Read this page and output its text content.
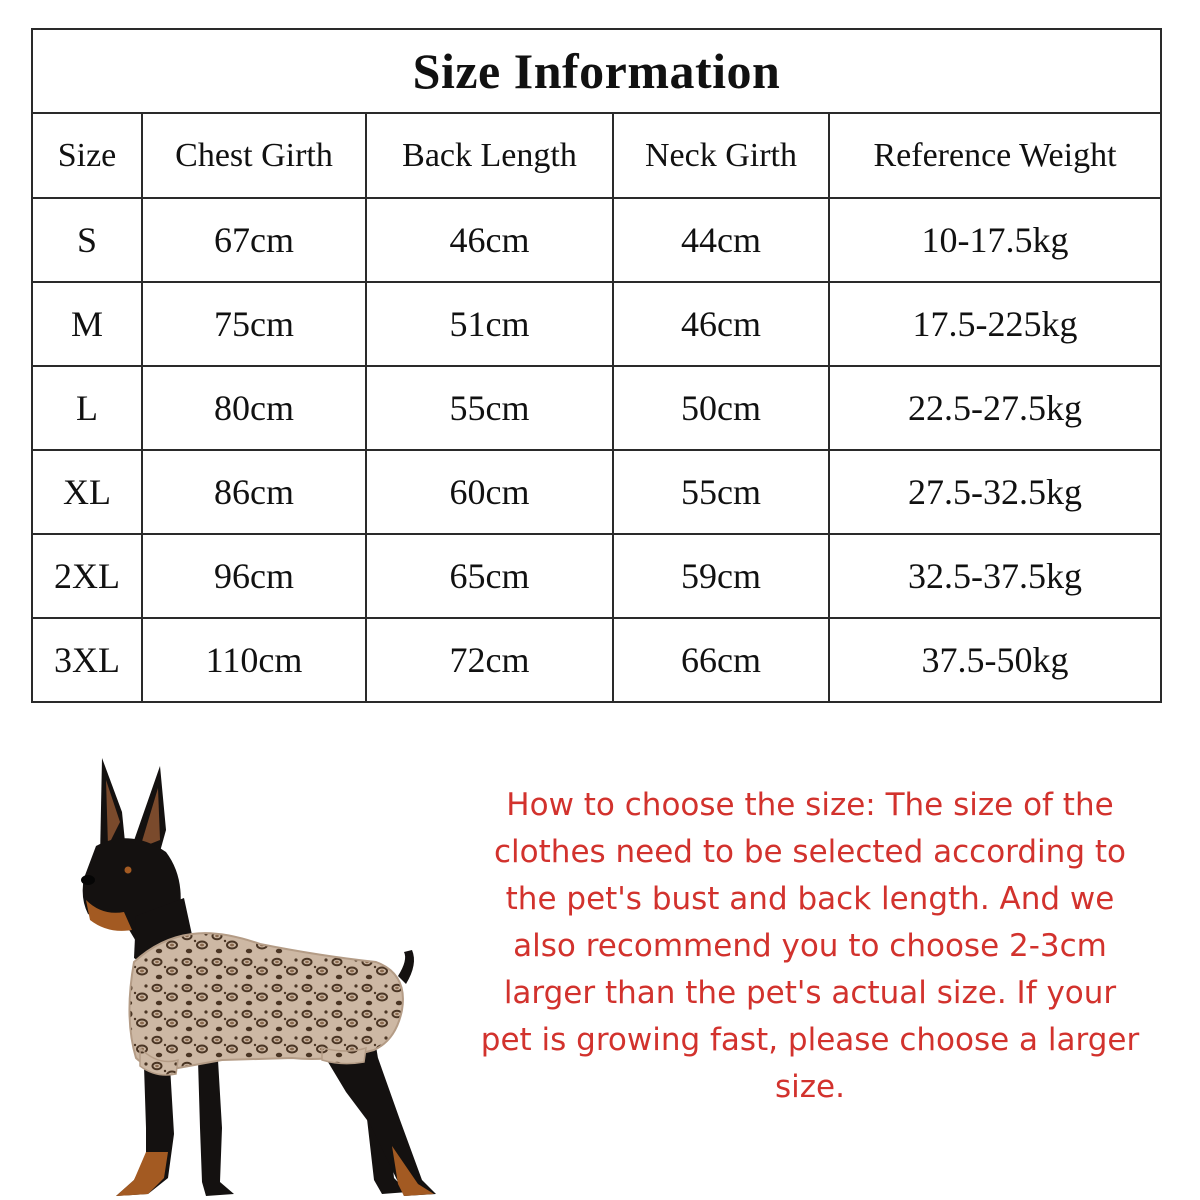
Size Information				
Size	Chest Girth	Back Length	Neck Girth	Reference Weight
S	67cm	46cm	44cm	10-17.5kg
M	75cm	51cm	46cm	17.5-225kg
L	80cm	55cm	50cm	22.5-27.5kg
XL	86cm	60cm	55cm	27.5-32.5kg
2XL	96cm	65cm	59cm	32.5-37.5kg
3XL	110cm	72cm	66cm	37.5-50kg

How to choose the size: The size of the clothes need to be selected according to the pet's bust and back length. And we also recommend you to choose 2-3cm larger than the pet's actual size. If your pet is growing fast, please choose a larger size.
